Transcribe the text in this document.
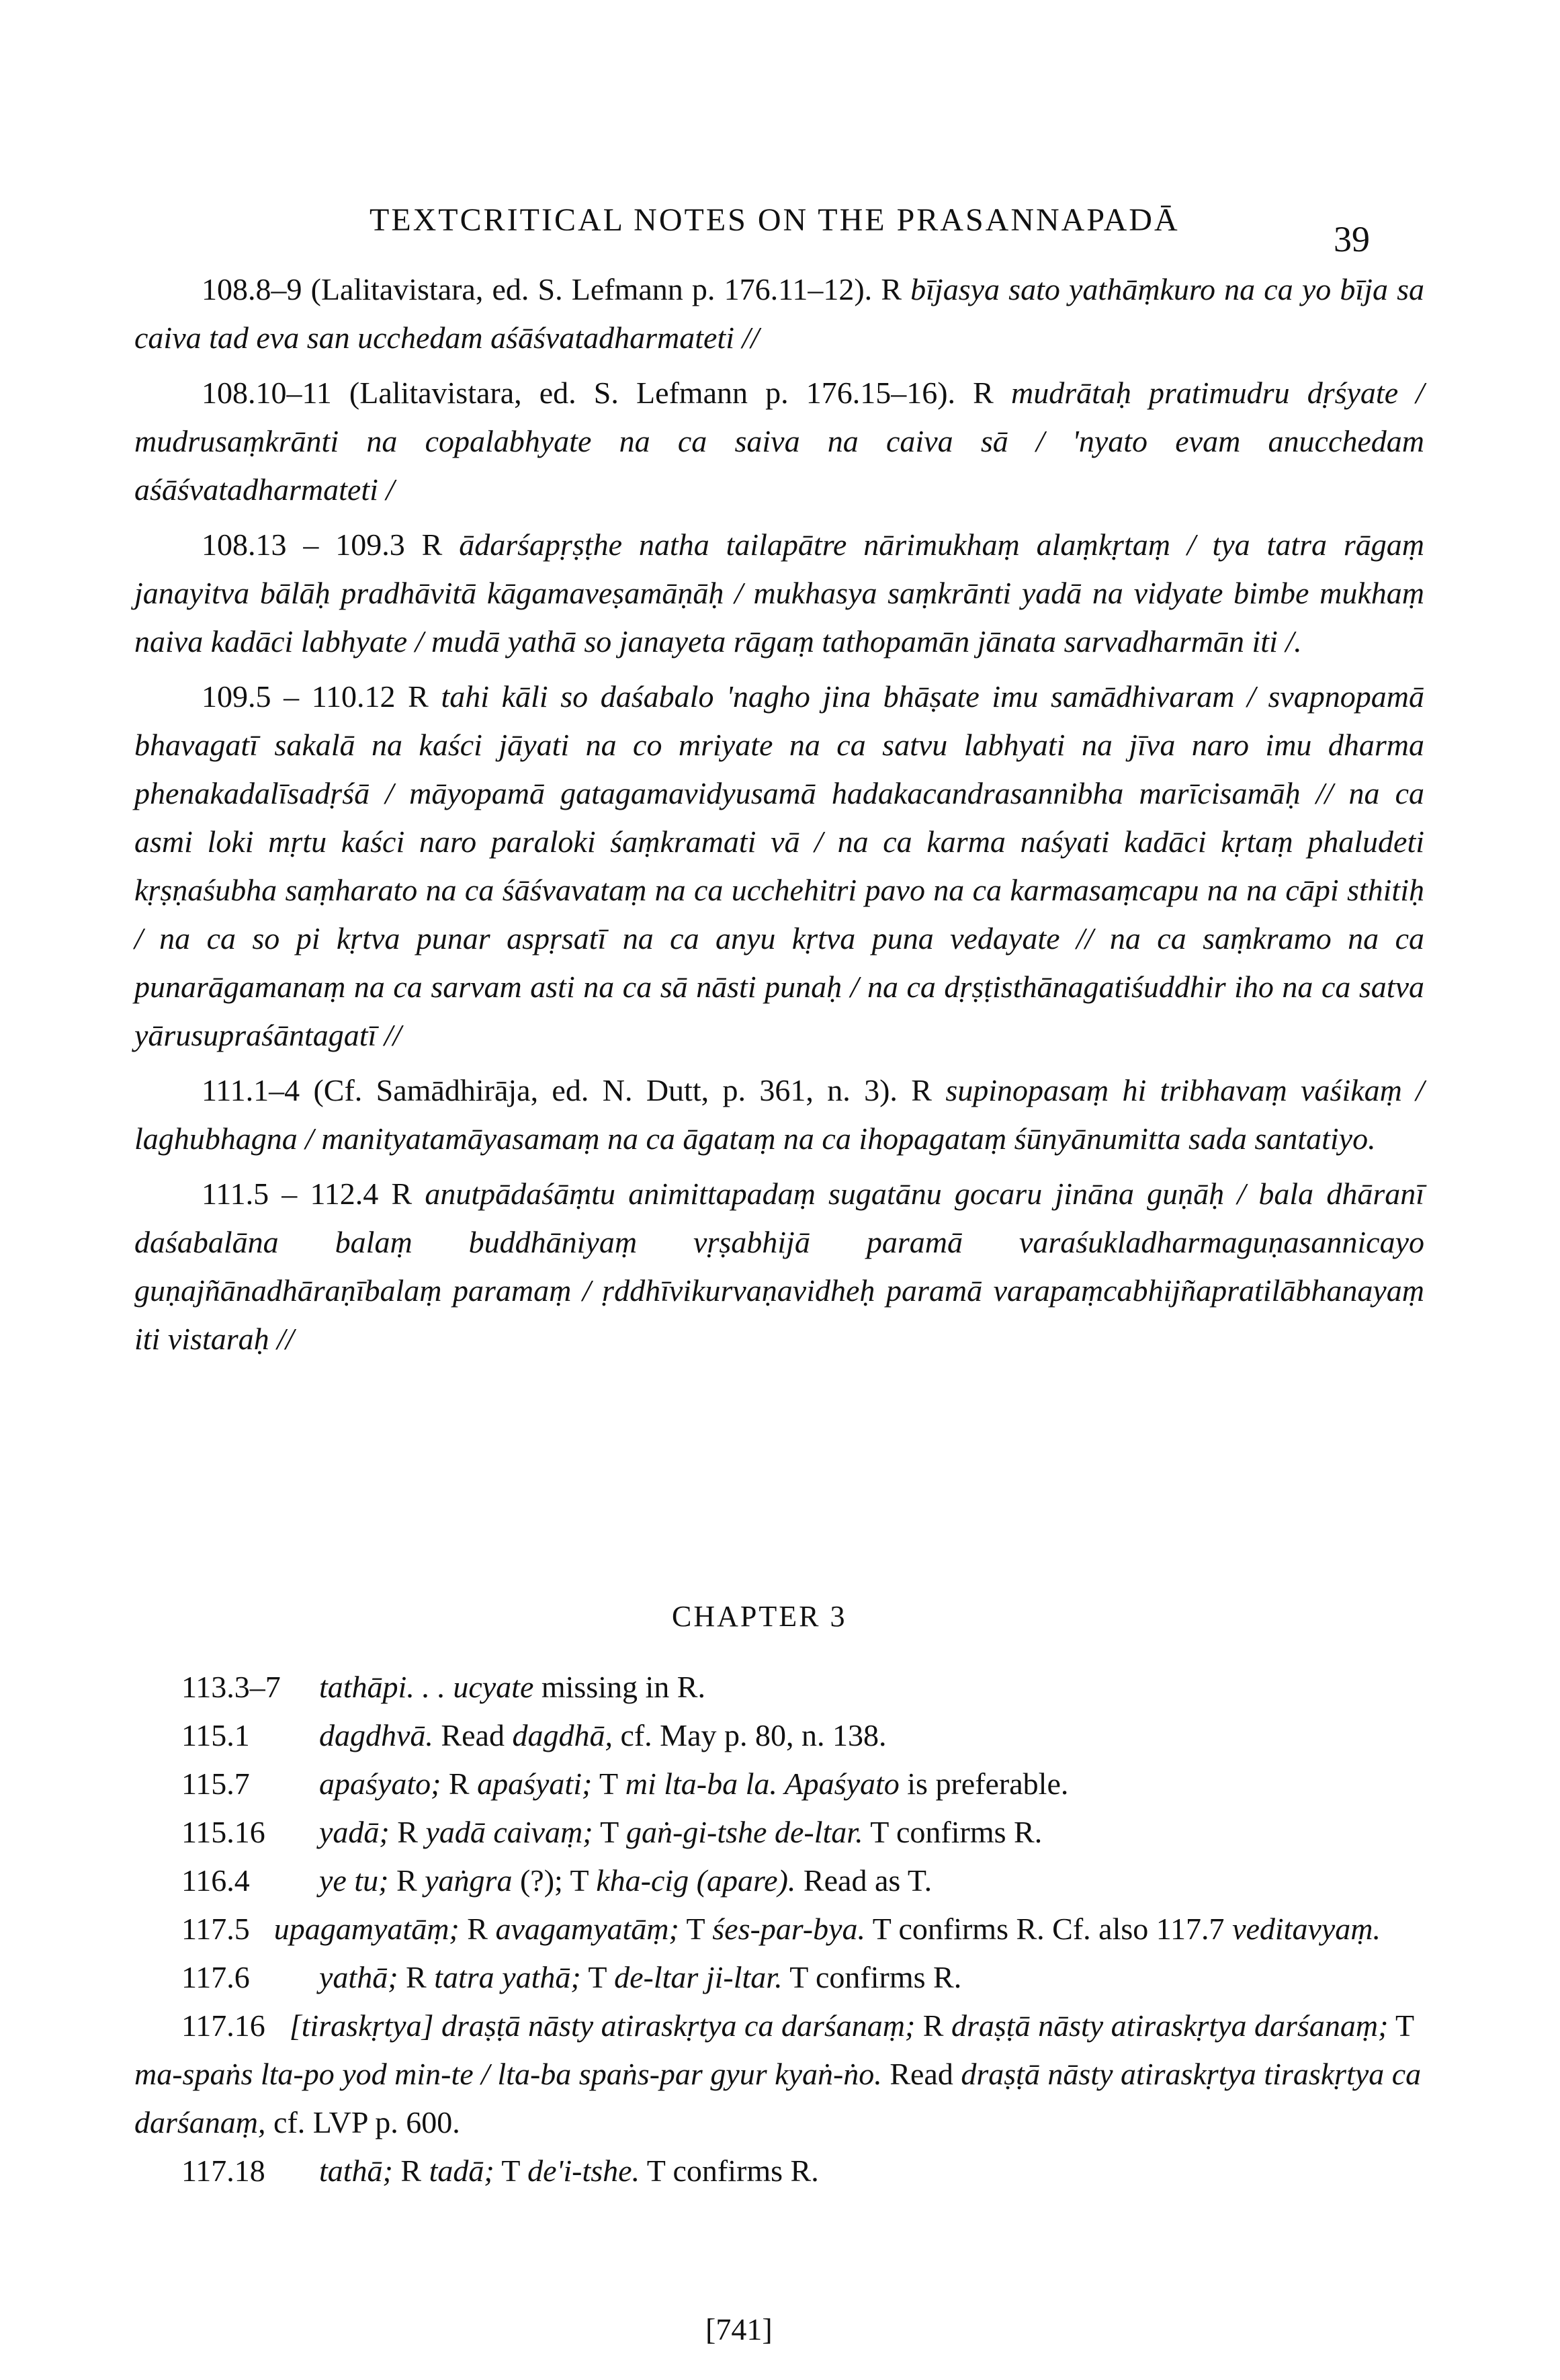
TEXTCRITICAL NOTES ON THE PRASANNAPADĀ	39

108.8–9 (Lalitavistara, ed. S. Lefmann p. 176.11–12). R bījasya sato yathāṃkuro na ca yo bīja sa caiva tad eva san ucchedam aśāśvatadharmateti //

108.10–11 (Lalitavistara, ed. S. Lefmann p. 176.15–16). R mudrātaḥ pratimudru dṛśyate / mudrusaṃkrānti na copalabhyate na ca saiva na caiva sā / 'nyato evam anucchedam aśāśvatadharmateti /

108.13 – 109.3 R ādarśapṛṣṭhe natha tailapātre nārimukhaṃ alaṃkṛtaṃ / tya tatra rāgaṃ janayitva bālāḥ pradhāvitā kāgamaveṣamāṇāḥ / mukhasya saṃkrānti yadā na vidyate bimbe mukhaṃ naiva kadāci labhyate / mudā yathā so janayeta rāgaṃ tathopamān jānata sarvadharmān iti /.

109.5 – 110.12 R tahi kāli so daśabalo 'nagho jina bhāṣate imu samādhivaram / svapnopamā bhavagatī sakalā na kaści jāyati na co mriyate na ca satvu labhyati na jīva naro imu dharma phenakadalīsadṛśā / māyopamā gatagamavidyusamā hadakacandrasannibha marīcisamāḥ // na ca asmi loki mṛtu kaści naro paraloki śaṃkramati vā / na ca karma naśyati kadāci kṛtaṃ phaludeti kṛṣṇaśubha saṃharato na ca śāśvavataṃ na ca ucchehitri pavo na ca karmasaṃcapu na na cāpi sthitiḥ / na ca so pi kṛtva punar aspṛsatī na ca anyu kṛtva puna vedayate // na ca saṃkramo na ca punarāgamanaṃ na ca sarvam asti na ca sā nāsti punaḥ / na ca dṛṣṭisthānagatiśuddhir iho na ca satva yārusupraśāntagatī //

111.1–4 (Cf. Samādhirāja, ed. N. Dutt, p. 361, n. 3). R supinopasaṃ hi tribhavaṃ vaśikaṃ / laghubhagna / manityatamāyasamaṃ na ca āgataṃ na ca ihopagataṃ śūnyānumitta sada santatiyo.

111.5 – 112.4 R anutpādaśāṃtu animittapadaṃ sugatānu gocaru jināna guṇāḥ / bala dhāranī daśabalāna balaṃ buddhāniyaṃ vṛṣabhijā paramā varaśukladharmaguṇasannicayo guṇajñānadhāraṇībalaṃ paramaṃ / ṛddhīvikurvaṇavidheḥ paramā varapaṃcabhijñapratilābhanayaṃ iti vistaraḥ //

CHAPTER 3
113.3–7 tathāpi. . . ucyate missing in R.
115.1 dagdhvā. Read dagdhā, cf. May p. 80, n. 138.
115.7 apaśyato; R apaśyati; T mi lta-ba la. Apaśyato is preferable.
115.16 yadā; R yadā caivaṃ; T gaṅ-gi-tshe de-ltar. T confirms R.
116.4 ye tu; R yaṅgra (?); T kha-cig (apare). Read as T.
117.5 upagamyatāṃ; R avagamyatāṃ; T śes-par-bya. T confirms R. Cf. also 117.7 veditavyaṃ.
117.6 yathā; R tatra yathā; T de-ltar ji-ltar. T confirms R.
117.16 [tiraskṛtya] draṣṭā nāsty atiraskṛtya ca darśanaṃ; R draṣṭā nāsty atiraskṛtya darśanaṃ; T ma-spaṅs lta-po yod min-te / lta-ba spaṅs-par gyur kyaṅ-ṅo. Read draṣṭā nāsty atiraskṛtya tiraskṛtya ca darśanaṃ, cf. LVP p. 600.
117.18 tathā; R tadā; T de'i-tshe. T confirms R.
[741]
